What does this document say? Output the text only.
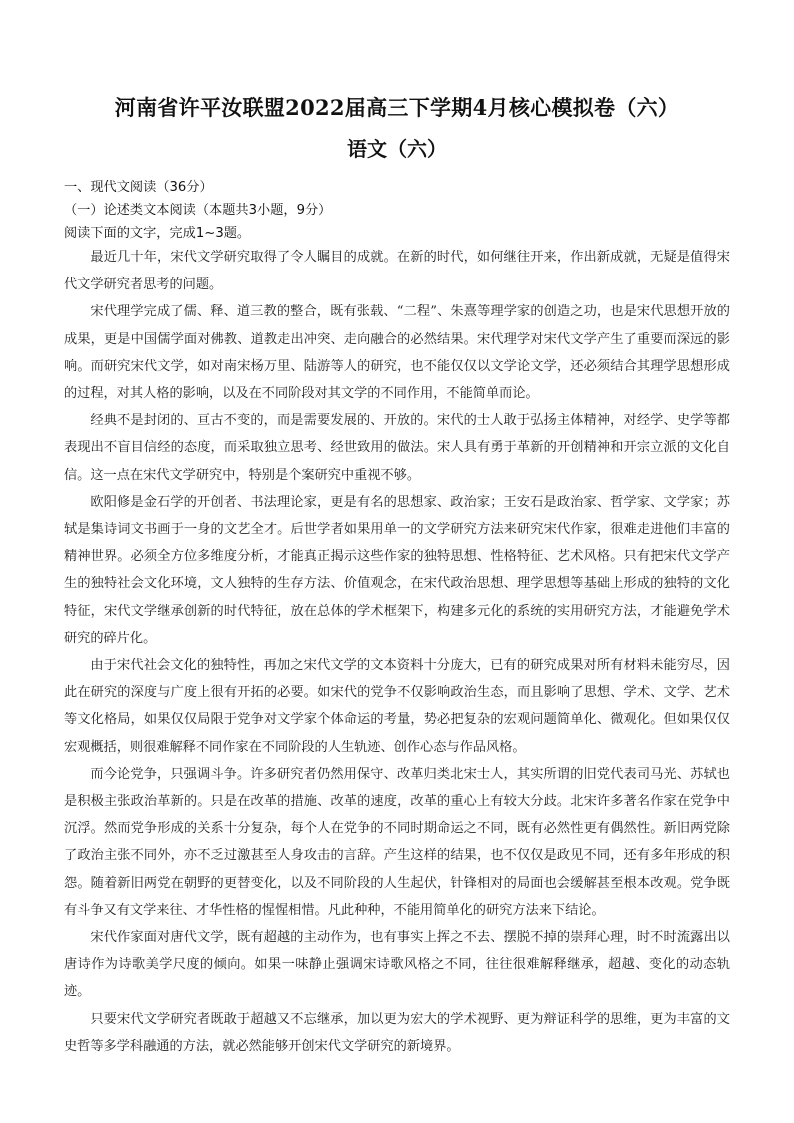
河南省许平汝联盟2022届高三下学期4月核心模拟卷（六）
语文（六）
一、现代文阅读（36分）
（一）论述类文本阅读（本题共3小题，9分）
阅读下面的文字，完成1~3题。

最近几十年，宋代文学研究取得了令人瞩目的成就。在新的时代，如何继往开来，作出新成就，无疑是值得宋代文学研究者思考的问题。

宋代理学完成了儒、释、道三教的整合，既有张载、“二程”、朱熹等理学家的创造之功，也是宋代思想开放的成果，更是中国儒学面对佛教、道教走出冲突、走向融合的必然结果。宋代理学对宋代文学产生了重要而深远的影响。而研究宋代文学，如对南宋杨万里、陆游等人的研究，也不能仅仅以文学论文学，还必须结合其理学思想形成的过程，对其人格的影响，以及在不同阶段对其文学的不同作用，不能简单而论。

经典不是封闭的、亘古不变的，而是需要发展的、开放的。宋代的士人敢于弘扬主体精神，对经学、史学等都表现出不盲目信经的态度，而采取独立思考、经世致用的做法。宋人具有勇于革新的开创精神和开宗立派的文化自信。这一点在宋代文学研究中，特别是个案研究中重视不够。

欧阳修是金石学的开创者、书法理论家，更是有名的思想家、政治家；王安石是政治家、哲学家、文学家；苏轼是集诗词文书画于一身的文艺全才。后世学者如果用单一的文学研究方法来研究宋代作家，很难走进他们丰富的精神世界。必须全方位多维度分析，才能真正揭示这些作家的独特思想、性格特征、艺术风格。只有把宋代文学产生的独特社会文化环境，文人独特的生存方法、价值观念，在宋代政治思想、理学思想等基础上形成的独特的文化特征，宋代文学继承创新的时代特征，放在总体的学术框架下，构建多元化的系统的实用研究方法，才能避免学术研究的碎片化。

由于宋代社会文化的独特性，再加之宋代文学的文本资料十分庞大，已有的研究成果对所有材料未能穷尽，因此在研究的深度与广度上很有开拓的必要。如宋代的党争不仅影响政治生态，而且影响了思想、学术、文学、艺术等文化格局，如果仅仅局限于党争对文学家个体命运的考量，势必把复杂的宏观问题简单化、微观化。但如果仅仅宏观概括，则很难解释不同作家在不同阶段的人生轨迹、创作心态与作品风格。

而今论党争，只强调斗争。许多研究者仍然用保守、改革归类北宋士人，其实所谓的旧党代表司马光、苏轼也是积极主张政治革新的。只是在改革的措施、改革的速度，改革的重心上有较大分歧。北宋许多著名作家在党争中沉浮。然而党争形成的关系十分复杂，每个人在党争的不同时期命运之不同，既有必然性更有偶然性。新旧两党除了政治主张不同外，亦不乏过激甚至人身攻击的言辞。产生这样的结果，也不仅仅是政见不同，还有多年形成的积怨。随着新旧两党在朝野的更替变化，以及不同阶段的人生起伏，针锋相对的局面也会缓解甚至根本改观。党争既有斗争又有文学来往、才华性格的惺惺相惜。凡此种种，不能用简单化的研究方法来下结论。

宋代作家面对唐代文学，既有超越的主动作为，也有事实上挥之不去、摆脱不掉的崇拜心理，时不时流露出以唐诗作为诗歌美学尺度的倾向。如果一味静止强调宋诗歌风格之不同，往往很难解释继承，超越、变化的动态轨迹。

只要宋代文学研究者既敢于超越又不忘继承，加以更为宏大的学术视野、更为辩证科学的思维，更为丰富的文史哲等多学科融通的方法，就必然能够开创宋代文学研究的新境界。
